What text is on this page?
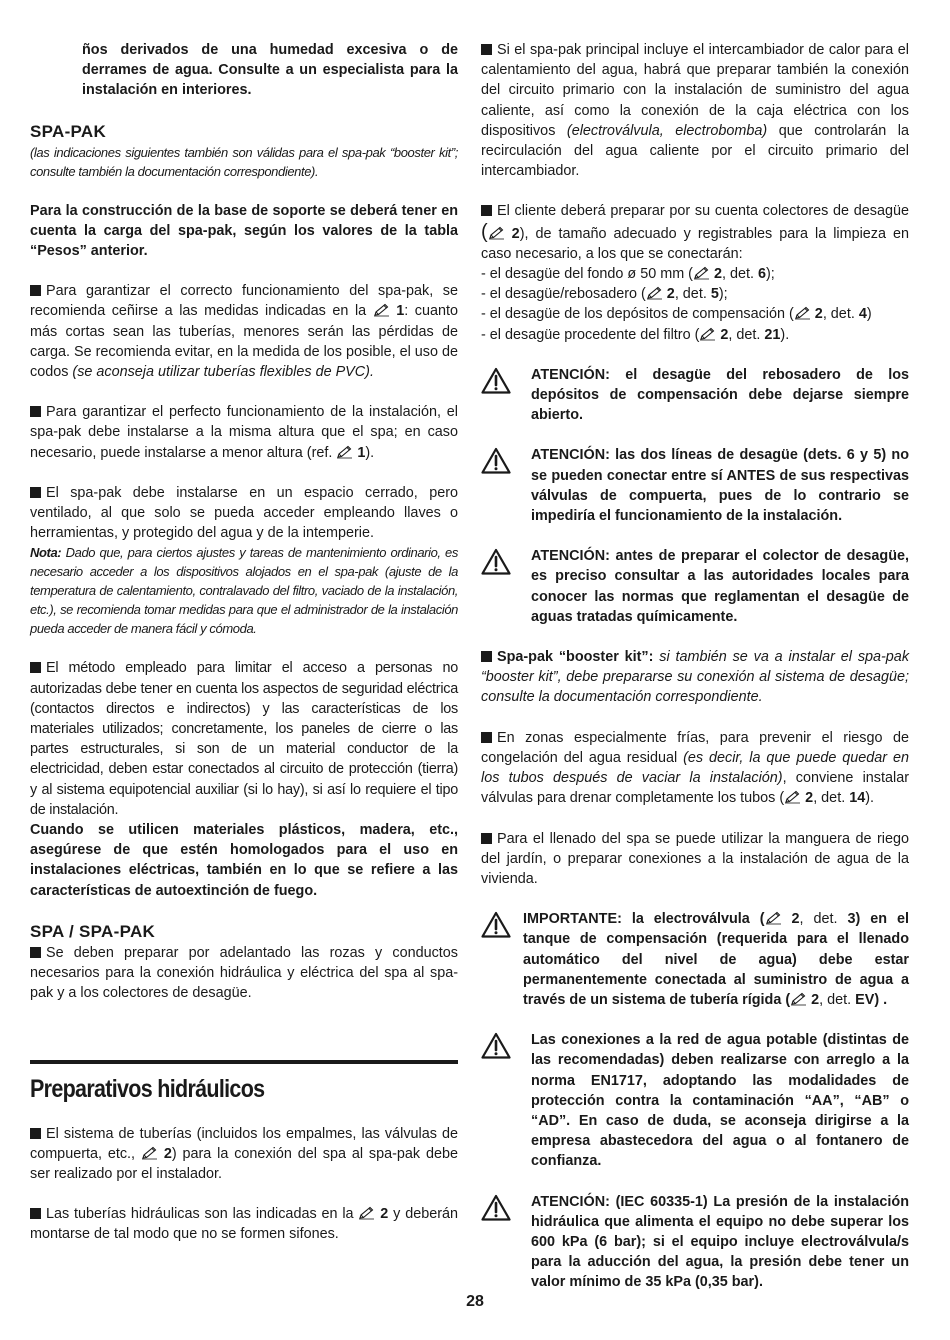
ños derivados de una humedad excesiva o de derrames de agua. Consulte a un especialista para la instalación en interiores.

SPA-PAK

(las indicaciones siguientes también son válidas para el spa-pak “booster kit”; consulte también la documentación correspondiente).

Para la construcción de la base de soporte se deberá tener en cuenta la carga del spa-pak, según los valores de la tabla “Pesos” anterior.

Para garantizar el correcto funcionamiento del spa-pak, se recomienda ceñirse a las medidas indicadas en la 1: cuanto más cortas sean las tuberías, menores serán las pérdidas de carga. Se recomienda evitar, en la medida de los posible, el uso de codos (se aconseja utilizar tuberías flexibles de PVC).

Para garantizar el perfecto funcionamiento de la instalación, el spa-pak debe instalarse a la misma altura que el spa; en caso necesario, puede instalarse a menor altura (ref. 1).

El spa-pak debe instalarse en un espacio cerrado, pero ventilado, al que solo se pueda acceder empleando llaves o herramientas, y protegido del agua y de la intemperie.

Nota: Dado que, para ciertos ajustes y tareas de mantenimiento ordinario, es necesario acceder a los dispositivos alojados en el spa-pak (ajuste de la temperatura de calentamiento, contralavado del filtro, vaciado de la instalación, etc.), se recomienda tomar medidas para que el administrador de la instalación pueda acceder de manera fácil y cómoda.

El método empleado para limitar el acceso a personas no autorizadas debe tener en cuenta los aspectos de seguridad eléctrica (contactos directos e indirectos) y las características de los materiales utilizados; concretamente, los paneles de cierre o las partes estructurales, si son de un material conductor de la electricidad, deben estar conectados al circuito de protección (tierra) y al sistema equipotencial auxiliar (si lo hay), si así lo requiere el tipo de instalación.

Cuando se utilicen materiales plásticos, madera, etc., asegúrese de que estén homologados para el uso en instalaciones eléctricas, también en lo que se refiere a las características de autoextinción de fuego.

SPA / SPA-PAK

Se deben preparar por adelantado las rozas y conductos necesarios para la conexión hidráulica y eléctrica del spa al spa-pak y a los colectores de desagüe.

Preparativos hidráulicos

El sistema de tuberías (incluidos los empalmes, las válvulas de compuerta, etc., 2) para la conexión del spa al spa-pak debe ser realizado por el instalador.

Las tuberías hidráulicas son las indicadas en la 2 y deberán montarse de tal modo que no se formen sifones.

Si el spa-pak principal incluye el intercambiador de calor para el calentamiento del agua, habrá que preparar también la conexión del circuito primario con la instalación de suministro del agua caliente, así como la conexión de la caja eléctrica con los dispositivos (electroválvula, electrobomba) que controlarán la recirculación del agua caliente por el circuito primario del intercambiador.

El cliente deberá preparar por su cuenta colectores de desagüe ( 2), de tamaño adecuado y registrables para la limpieza en caso necesario, a los que se conectarán:

- el desagüe del fondo ø 50 mm ( 2, det. 6);
- el desagüe/rebosadero ( 2, det. 5);
- el desagüe de los depósitos de compensación ( 2, det. 4)
- el desagüe procedente del filtro ( 2, det. 21).

ATENCIÓN: el desagüe del rebosadero de los depósitos de compensación debe dejarse siempre abierto.

ATENCIÓN: las dos líneas de desagüe (dets. 6 y 5) no se pueden conectar entre sí ANTES de sus respectivas válvulas de compuerta, pues de lo contrario se impediría el funcionamiento de la instalación.

ATENCIÓN: antes de preparar el colector de desagüe, es preciso consultar a las autoridades locales para conocer las normas que reglamentan el desagüe de aguas tratadas químicamente.

Spa-pak “booster kit”: si también se va a instalar el spa-pak “booster kit”, debe prepararse su conexión al sistema de desagüe; consulte la documentación correspondiente.

En zonas especialmente frías, para prevenir el riesgo de congelación del agua residual (es decir, la que puede quedar en los tubos después de vaciar la instalación), conviene instalar válvulas para drenar completamente los tubos ( 2, det. 14).

Para el llenado del spa se puede utilizar la manguera de riego del jardín, o preparar conexiones a la instalación de agua de la vivienda.

IMPORTANTE: la electroválvula ( 2, det. 3) en el tanque de compensación (requerida para el llenado automático del nivel de agua) debe estar permanentemente conectada al suministro de agua a través de un sistema de tubería rígida ( 2, det. EV) .

Las conexiones a la red de agua potable (distintas de las recomendadas) deben realizarse con arreglo a la norma EN1717, adoptando las modalidades de protección contra la contaminación “AA”, “AB” o “AD”. En caso de duda, se aconseja dirigirse a la empresa abastecedora del agua o al fontanero de confianza.

ATENCIÓN: (IEC 60335-1) La presión de la instalación hidráulica que alimenta el equipo no debe superar los 600 kPa (6 bar); si el equipo incluye electroválvula/s para la aducción del agua, la presión debe tener un valor mínimo de 35 kPa (0,35 bar).

28
